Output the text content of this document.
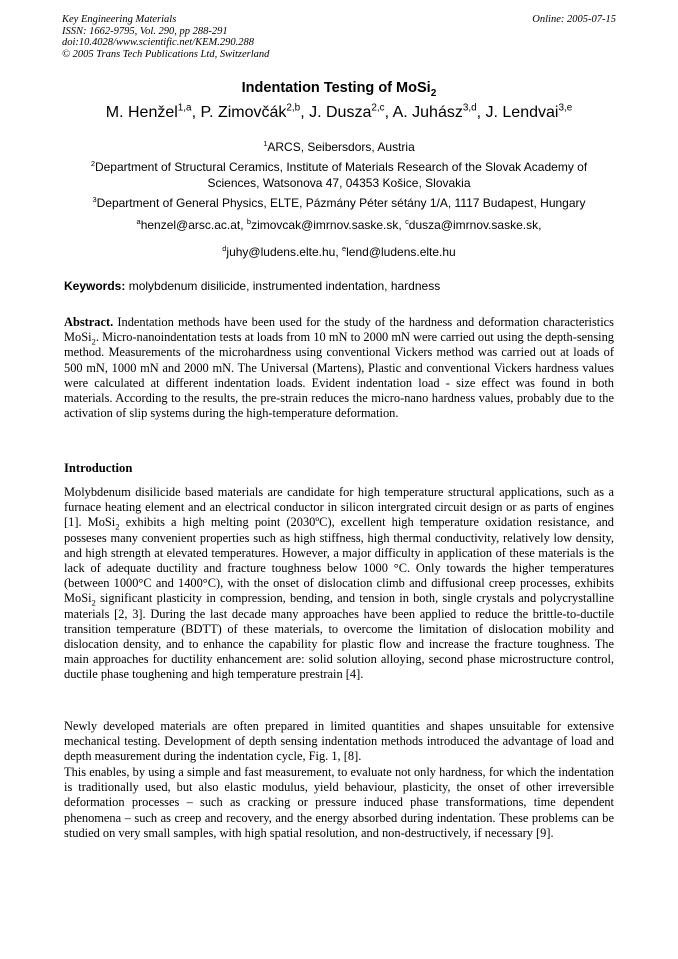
Key Engineering Materials
ISSN: 1662-9795, Vol. 290, pp 288-291
doi:10.4028/www.scientific.net/KEM.290.288
© 2005 Trans Tech Publications Ltd, Switzerland
Online: 2005-07-15
Indentation Testing of MoSi$_2$
M. Henžel$^{1,a}$, P. Zimovčák$^{2,b}$, J. Dusza$^{2,c}$, A. Juhász$^{3,d}$, J. Lendvai$^{3,e}$
$^1$ARCS, Seibersdors, Austria
$^2$Department of Structural Ceramics, Institute of Materials Research of the Slovak Academy of Sciences, Watsonova 47, 04353 Košice, Slovakia
$^3$Department of General Physics, ELTE, Pázmány Péter sétány 1/A, 1117 Budapest, Hungary
$^a$henzel@arsc.ac.at, $^b$zimovcak@imrnov.saske.sk, $^c$dusza@imrnov.saske.sk,
$^d$juhy@ludens.elte.hu, $^e$lend@ludens.elte.hu
Keywords: molybdenum disilicide, instrumented indentation, hardness
Abstract. Indentation methods have been used for the study of the hardness and deformation characteristics MoSi$_2$. Micro-nanoindentation tests at loads from 10 mN to 2000 mN were carried out using the depth-sensing method. Measurements of the microhardness using conventional Vickers method was carried out at loads of 500 mN, 1000 mN and 2000 mN. The Universal (Martens), Plastic and conventional Vickers hardness values were calculated at different indentation loads. Evident indentation load - size effect was found in both materials. According to the results, the pre-strain reduces the micro-nano hardness values, probably due to the activation of slip systems during the high-temperature deformation.
Introduction
Molybdenum disilicide based materials are candidate for high temperature structural applications, such as a furnace heating element and an electrical conductor in silicon intergrated circuit design or as parts of engines [1]. MoSi$_2$ exhibits a high melting point (2030ºC), excellent high temperature oxidation resistance, and posseses many convenient properties such as high stiffness, high thermal conductivity, relatively low density, and high strength at elevated temperatures. However, a major difficulty in application of these materials is the lack of adequate ductility and fracture toughness below 1000 °C. Only towards the higher temperatures (between 1000°C and 1400°C), with the onset of dislocation climb and diffusional creep processes, exhibits MoSi$_2$ significant plasticity in compression, bending, and tension in both, single crystals and polycrystalline materials [2, 3]. During the last decade many approaches have been applied to reduce the brittle-to-ductile transition temperature (BDTT) of these materials, to overcome the limitation of dislocation mobility and dislocation density, and to enhance the capability for plastic flow and increase the fracture toughness. The main approaches for ductility enhancement are: solid solution alloying, second phase microstructure control, ductile phase toughening and high temperature prestrain [4].
Newly developed materials are often prepared in limited quantities and shapes unsuitable for extensive mechanical testing. Development of depth sensing indentation methods introduced the advantage of load and depth measurement during the indentation cycle, Fig. 1, [8].
This enables, by using a simple and fast measurement, to evaluate not only hardness, for which the indentation is traditionally used, but also elastic modulus, yield behaviour, plasticity, the onset of other irreversible deformation processes – such as cracking or pressure induced phase transformations, time dependent phenomena – such as creep and recovery, and the energy absorbed during indentation. These problems can be studied on very small samples, with high spatial resolution, and non-destructively, if necessary [9].
